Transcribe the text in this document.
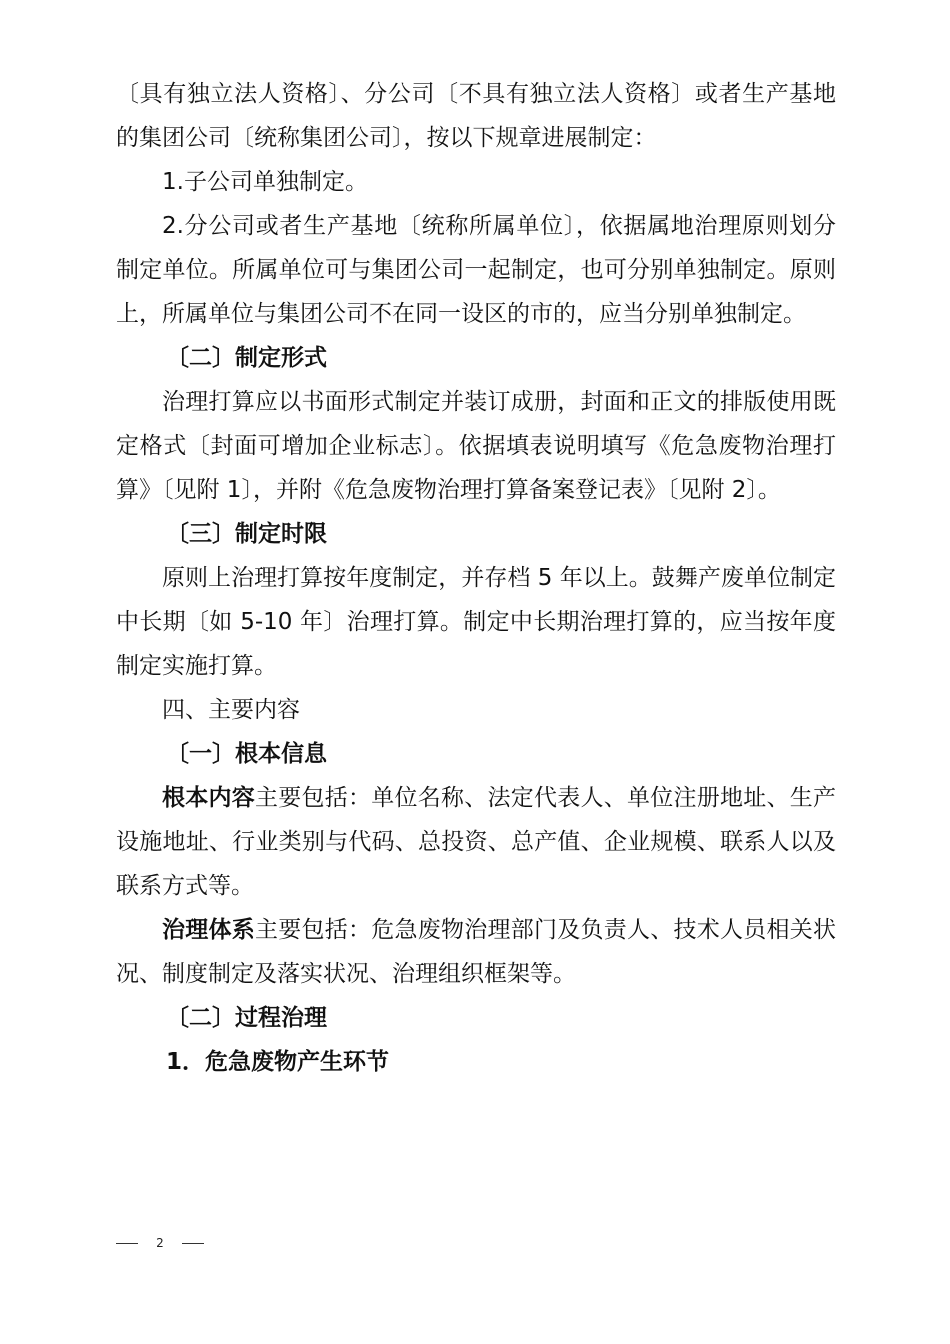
〔具有独立法人资格〕、分公司〔不具有独立法人资格〕或者生产基地的集团公司〔统称集团公司〕，按以下规章进展制定：

1.子公司单独制定。

2.分公司或者生产基地〔统称所属单位〕，依据属地治理原则划分制定单位。所属单位可与集团公司一起制定，也可分别单独制定。原则上，所属单位与集团公司不在同一设区的市的，应当分别单独制定。

〔二〕制定形式

治理打算应以书面形式制定并装订成册，封面和正文的排版使用既定格式〔封面可增加企业标志〕。依据填表说明填写《危急废物治理打算》〔见附 1〕，并附《危急废物治理打算备案登记表》〔见附 2〕。

〔三〕制定时限

原则上治理打算按年度制定，并存档 5 年以上。鼓舞产废单位制定中长期〔如 5-10 年〕治理打算。制定中长期治理打算的，应当按年度制定实施打算。

四、主要内容

〔一〕根本信息

根本内容主要包括：单位名称、法定代表人、单位注册地址、生产设施地址、行业类别与代码、总投资、总产值、企业规模、联系人以及联系方式等。

治理体系主要包括：危急废物治理部门及负责人、技术人员相关状况、制度制定及落实状况、治理组织框架等。

〔二〕过程治理

1．危急废物产生环节

2
